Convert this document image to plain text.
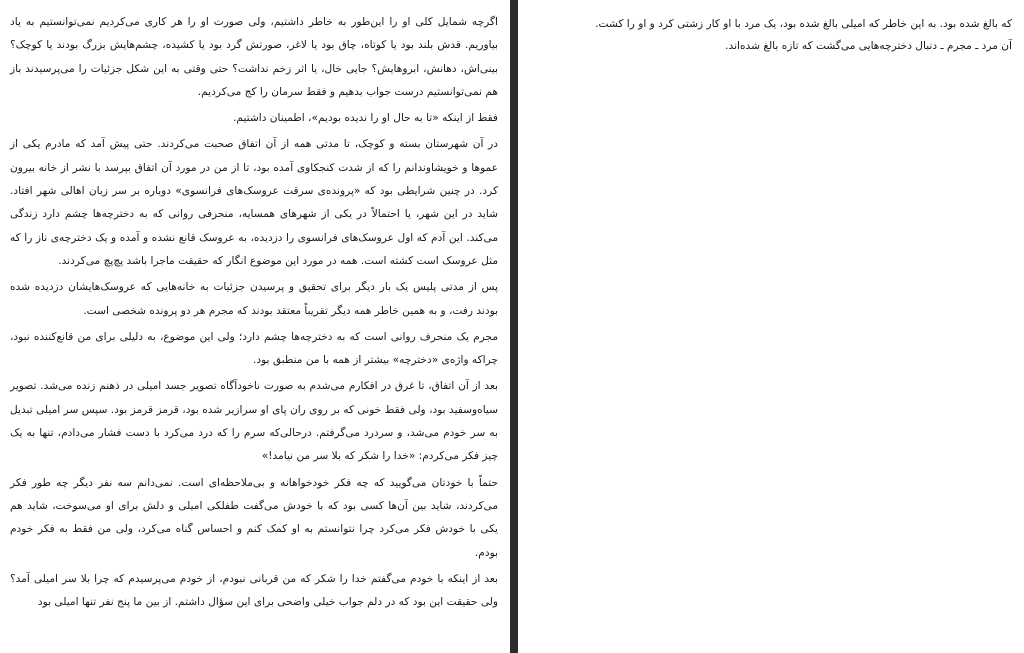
اگرچه شمایل کلی او را این‌طور به خاطر داشتیم، ولی صورت او را هر کاری می‌کردیم نمی‌توانستیم به یاد بیاوریم. قدش بلند بود یا کوتاه، چاق بود یا لاغر، صورتش گرد بود یا کشیده، چشم‌هایش بزرگ بودند یا کوچک؟ بینی‌اش، دهانش، ابروهایش؟ جایی خال، یا اثر زخم نداشت؟ حتی وقتی به این شکل جزئیات را می‌پرسیدند باز هم نمی‌توانستیم درست جواب بدهیم و فقط سرمان را کج می‌کردیم.

فقط از اینکه «تا به حال او را ندیده بودیم»، اطمینان داشتیم.

در آن شهرستان بسته و کوچک، تا مدتی همه از آن اتفاق صحبت می‌کردند. حتی پیش آمد که مادرم یکی از عموها و خویشاوندانم را که از شدت کنجکاوی آمده بود، تا از من در مورد آن اتفاق بپرسد با نشر از خانه بیرون کرد. در چنین شرایطی بود که «پرونده‌ی سرقت عروسک‌های فرانسوی» دوباره بر سر زبان اهالی شهر افتاد. شاید در این شهر، یا احتمالاً در یکی از شهرهای همسایه، منحرفی روانی که به دخترچه‌ها چشم دارد زندگی می‌کند. این آدم که اول عروسک‌های فرانسوی را دزدیده، به عروسک قانع نشده و آمده و یک دخترچه‌ی ناز را که مثل عروسک است کشته است. همه در مورد این موضوع انگار که حقیقت ماجرا باشد پچ‌پچ می‌کردند.

پس از مدتی پلیس یک بار دیگر برای تحقیق و پرسیدن جزئیات به خانه‌هایی که عروسک‌هایشان دزدیده شده بودند رفت، و به همین خاطر همه دیگر تقریباً معتقد بودند که مجرم هر دو پرونده شخصی است.

مجرم یک منحرف روانی است که به دخترچه‌ها چشم دارد؛ ولی این موضوع، به دلیلی برای من قانع‌کننده نبود، چراکه واژه‌ی «دخترچه» بیشتر از همه با من منطبق بود.

بعد از آن اتفاق، تا غرق در افکارم می‌شدم به صورت ناخودآگاه تصویر جسد امیلی در ذهنم زنده می‌شد. تصویر سیاه‌وسفید بود، ولی فقط خونی که بر روی ران پای او سرازیر شده بود، قرمز قرمز بود. سپس سر امیلی تبدیل به سر خودم می‌شد، و سردرد می‌گرفتم. درحالی‌که سرم را که درد می‌کرد با دست فشار می‌دادم، تنها به یک چیز فکر می‌کردم: «خدا را شکر که بلا سر من نیامد!»

حتماً با خودتان می‌گویید که چه فکر خودخواهانه و بی‌ملاحظه‌ای است. نمی‌دانم سه نفر دیگر چه طور فکر می‌کردند، شاید بین آن‌ها کسی بود که با خودش می‌گفت طفلکی امیلی و دلش برای او می‌سوخت، شاید هم یکی با خودش فکر می‌کرد چرا نتوانستم به او کمک کنم و احساس گناه می‌کرد، ولی من فقط به فکر خودم بودم.

بعد از اینکه با خودم می‌گفتم خدا را شکر که من قربانی نبودم، از خودم می‌پرسیدم که چرا بلا سر امیلی آمد؟ ولی حقیقت این بود که در دلم جواب خیلی واضحی برای این سؤال داشتم. از بین ما پنج نفر تنها امیلی بود

که بالغ شده بود. به این خاطر که امیلی بالغ شده بود، یک مرد با او کار زشتی کرد و او را کشت.

آن مرد ـ مجرم ـ دنبال دخترچه‌هایی می‌گشت که تازه بالغ شده‌اند.
